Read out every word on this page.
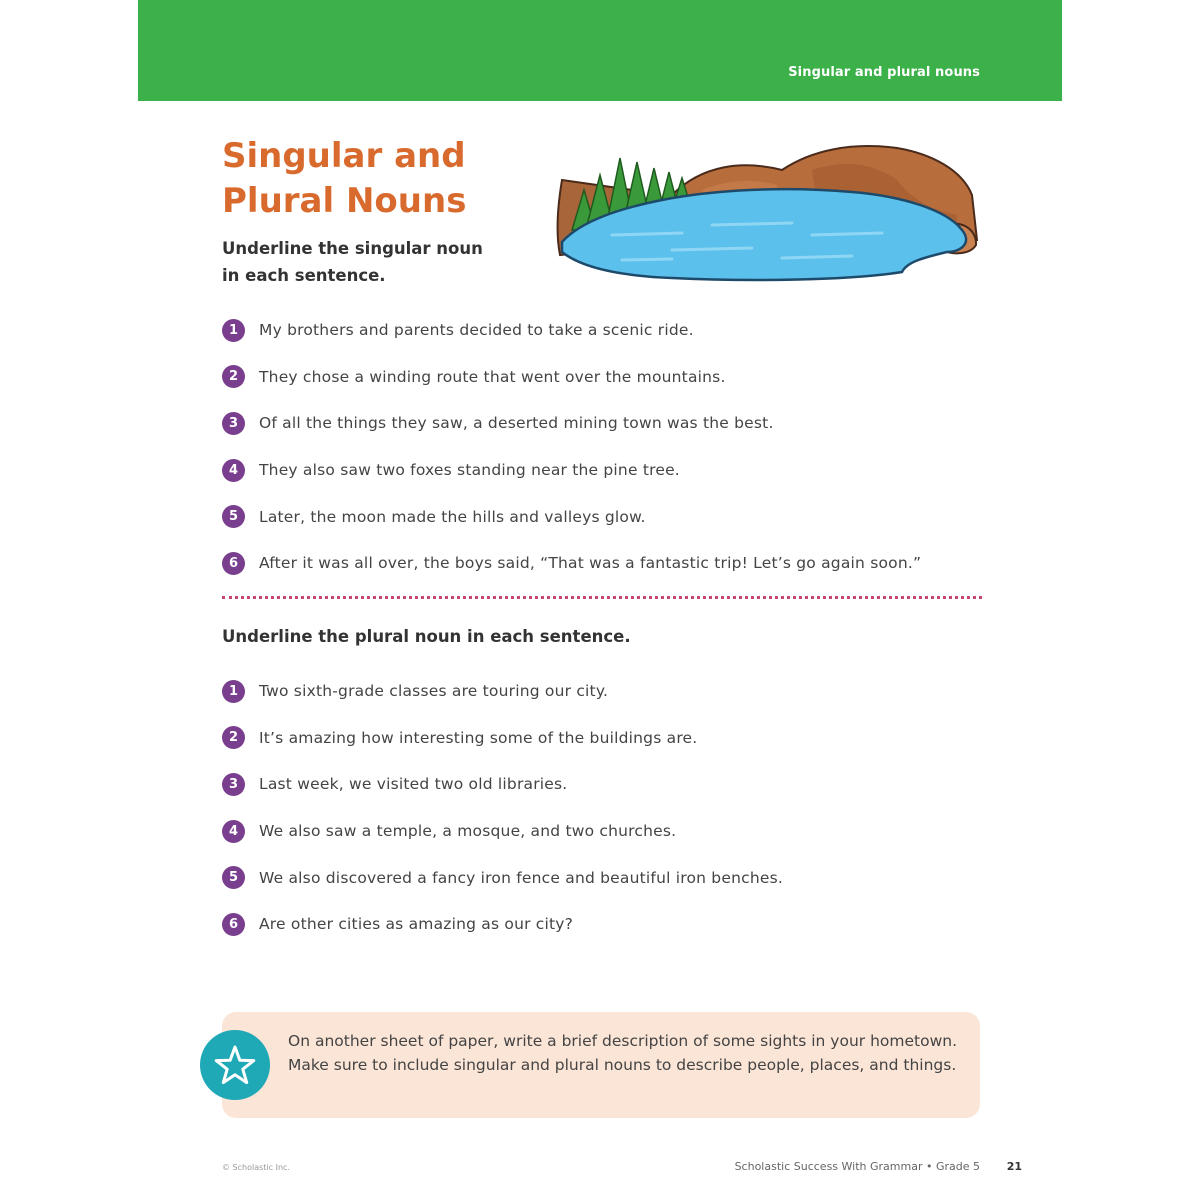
Singular and plural nouns
Singular and
Plural Nouns
Underline the singular noun
in each sentence.
1	My brothers and parents decided to take a scenic ride.
2	They chose a winding route that went over the mountains.
3	Of all the things they saw, a deserted mining town was the best.
4	They also saw two foxes standing near the pine tree.
5	Later, the moon made the hills and valleys glow.
6	After it was all over, the boys said, “That was a fantastic trip! Let’s go again soon.”
Underline the plural noun in each sentence.
1	Two sixth-grade classes are touring our city.
2	It’s amazing how interesting some of the buildings are.
3	Last week, we visited two old libraries.
4	We also saw a temple, a mosque, and two churches.
5	We also discovered a fancy iron fence and beautiful iron benches.
6	Are other cities as amazing as our city?
On another sheet of paper, write a brief description of some sights in your hometown. Make sure to include singular and plural nouns to describe people, places, and things.
© Scholastic Inc.	Scholastic Success With Grammar • Grade 5 21
